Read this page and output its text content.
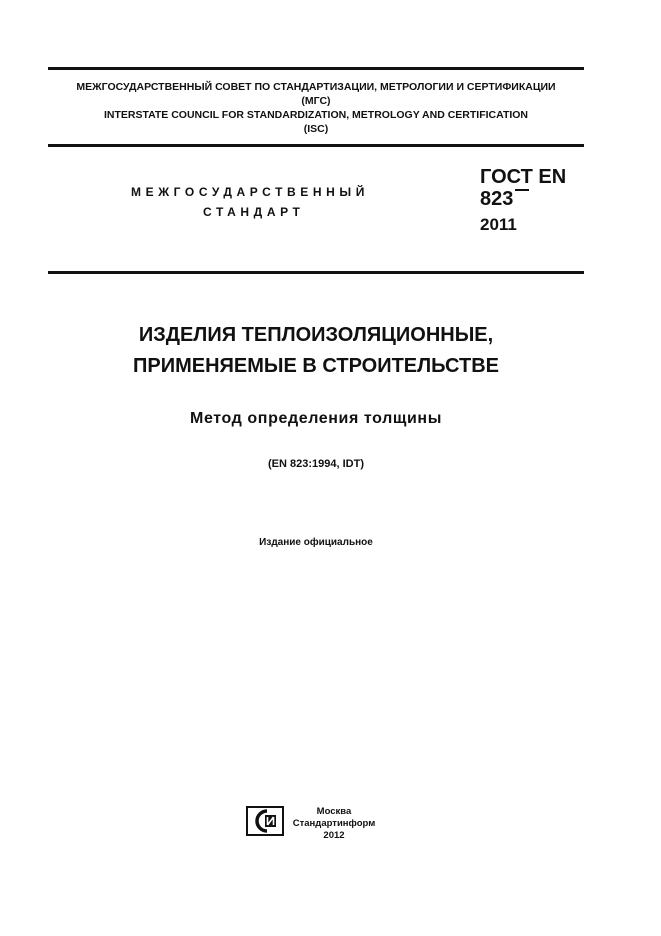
МЕЖГОСУДАРСТВЕННЫЙ СОВЕТ ПО СТАНДАРТИЗАЦИИ, МЕТРОЛОГИИ И СЕРТИФИКАЦИИ
(МГС)
INTERSTATE COUNCIL FOR STANDARDIZATION, METROLOGY AND CERTIFICATION
(ISC)
МЕЖГОСУДАРСТВЕННЫЙ
СТАНДАРТ
ГОСТ EN
823
2011
ИЗДЕЛИЯ ТЕПЛОИЗОЛЯЦИОННЫЕ,
ПРИМЕНЯЕМЫЕ В СТРОИТЕЛЬСТВЕ
Метод определения толщины
(EN 823:1994, IDT)
Издание официальное
Москва
Стандартинформ
2012
